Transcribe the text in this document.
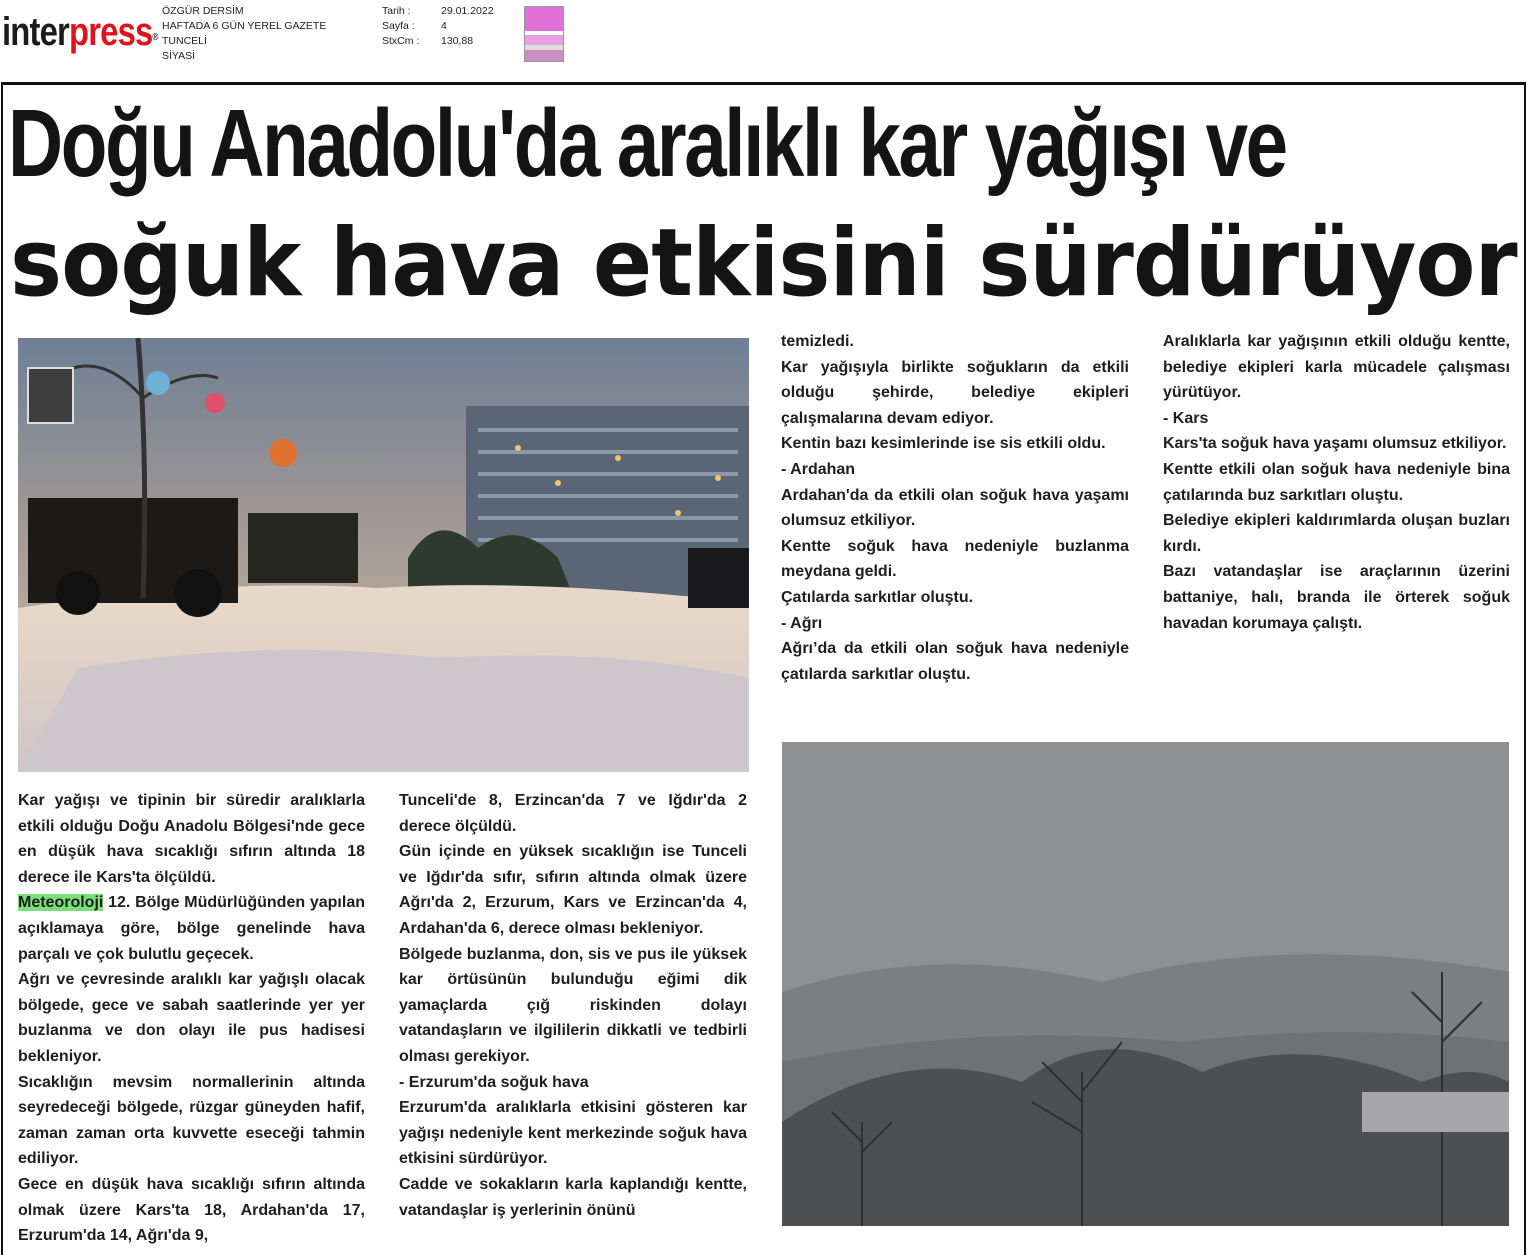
interpress®
ÖZGÜR DERSİM
HAFTADA 6 GÜN YEREL GAZETE
TUNCELİ
SİYASİ
Tarih :
Sayfa :
StxCm :
29.01.2022
4
130,88
Doğu Anadolu'da aralıklı kar yağışı ve
soğuk hava etkisini sürdürüyor

Kar yağışı ve tipinin bir süredir aralıklarla etkili olduğu Doğu Anadolu Bölgesi'nde gece en düşük hava sıcaklığı sıfırın altında 18 derece ile Kars'ta ölçüldü.

Meteoroloji 12. Bölge Müdürlüğünden yapılan açıklamaya göre, bölge genelinde hava parçalı ve çok bulutlu geçecek.

Ağrı ve çevresinde aralıklı kar yağışlı olacak bölgede, gece ve sabah saatlerinde yer yer buzlanma ve don olayı ile pus hadisesi bekleniyor.

Sıcaklığın mevsim normallerinin altında seyredeceği bölgede, rüzgar güneyden hafif, zaman zaman orta kuvvette eseceği tahmin ediliyor.

Gece en düşük hava sıcaklığı sıfırın altında olmak üzere Kars'ta 18, Ardahan'da 17, Erzurum'da 14, Ağrı'da 9,

Tunceli'de 8, Erzincan'da 7 ve Iğdır'da 2 derece ölçüldü.

Gün içinde en yüksek sıcaklığın ise Tunceli ve Iğdır'da sıfır, sıfırın altında olmak üzere Ağrı'da 2, Erzurum, Kars ve Erzincan'da 4, Ardahan'da 6, derece olması bekleniyor.

Bölgede buzlanma, don, sis ve pus ile yüksek kar örtüsünün bulunduğu eğimi dik yamaçlarda çığ riskinden dolayı vatandaşların ve ilgililerin dikkatli ve tedbirli olması gerekiyor.

- Erzurum'da soğuk hava

Erzurum'da aralıklarla etkisini gösteren kar yağışı nedeniyle kent merkezinde soğuk hava etkisini sürdürüyor.

Cadde ve sokakların karla kaplandığı kentte, vatandaşlar iş yerlerinin önünü

temizledi.

Kar yağışıyla birlikte soğukların da etkili olduğu şehirde, belediye ekipleri çalışmalarına devam ediyor.

Kentin bazı kesimlerinde ise sis etkili oldu.

- Ardahan

Ardahan'da da etkili olan soğuk hava yaşamı olumsuz etkiliyor.

Kentte soğuk hava nedeniyle buzlanma meydana geldi.

Çatılarda sarkıtlar oluştu.

- Ağrı

Ağrı’da da etkili olan soğuk hava nedeniyle çatılarda sarkıtlar oluştu.

Aralıklarla kar yağışının etkili olduğu kentte, belediye ekipleri karla mücadele çalışması yürütüyor.

- Kars

Kars'ta soğuk hava yaşamı olumsuz etkiliyor.

Kentte etkili olan soğuk hava nedeniyle bina çatılarında buz sarkıtları oluştu.

Belediye ekipleri kaldırımlarda oluşan buzları kırdı.

Bazı vatandaşlar ise araçlarının üzerini battaniye, halı, branda ile örterek soğuk havadan korumaya çalıştı.
